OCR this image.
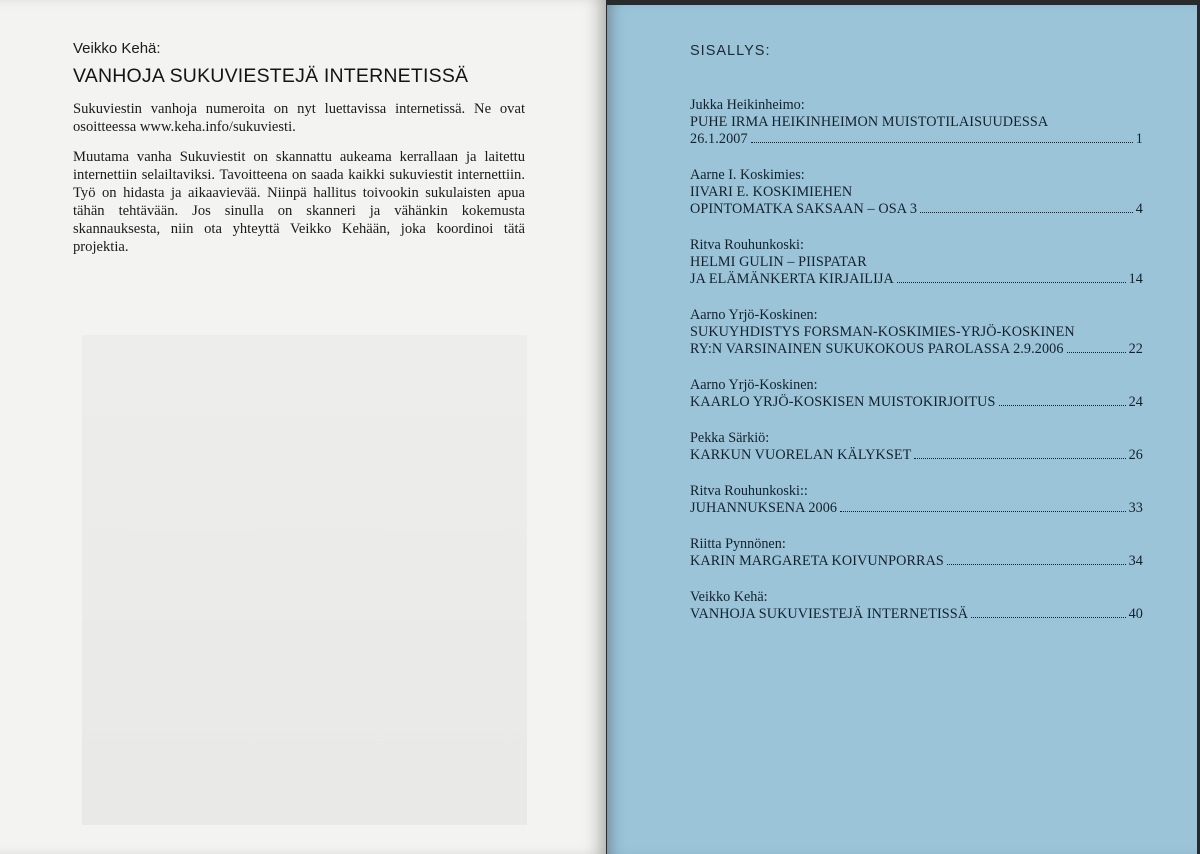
Veikko Kehä:
VANHOJA SUKUVIESTEJÄ INTERNETISSÄ

Sukuviestin vanhoja numeroita on nyt luettavissa internetissä. Ne ovat osoitteessa www.keha.info/sukuviesti.

Muutama vanha Sukuviestit on skannattu aukeama kerrallaan ja laitettu internettiin selailtaviksi. Tavoitteena on saada kaikki sukuviestit internettiin. Työ on hidasta ja aikaavievää. Niinpä hallitus toivookin sukulaisten apua tähän tehtävään. Jos sinulla on skanneri ja vähänkin kokemusta skannauksesta, niin ota yhteyttä Veikko Kehään, joka koordinoi tätä projektia.

SISALLYS:
Jukka Heikinheimo:
PUHE IRMA HEIKINHEIMON MUISTOTILAISUUDESSA
26.1.2007	1
Aarne I. Koskimies:
IIVARI E. KOSKIMIEHEN
OPINTOMATKA SAKSAAN – OSA 3	4
Ritva Rouhunkoski:
HELMI GULIN – PIISPATAR
JA ELÄMÄNKERTA KIRJAILIJA	14
Aarno Yrjö-Koskinen:
SUKUYHDISTYS FORSMAN-KOSKIMIES-YRJÖ-KOSKINEN
RY:N VARSINAINEN SUKUKOKOUS PAROLASSA 2.9.2006	22
Aarno Yrjö-Koskinen:
KAARLO YRJÖ-KOSKISEN MUISTOKIRJOITUS	24
Pekka Särkiö:
KARKUN VUORELAN KÄLYKSET	26
Ritva Rouhunkoski::
JUHANNUKSENA 2006	33
Riitta Pynnönen:
KARIN MARGARETA KOIVUNPORRAS	34
Veikko Kehä:
VANHOJA SUKUVIESTEJÄ INTERNETISSÄ	40
